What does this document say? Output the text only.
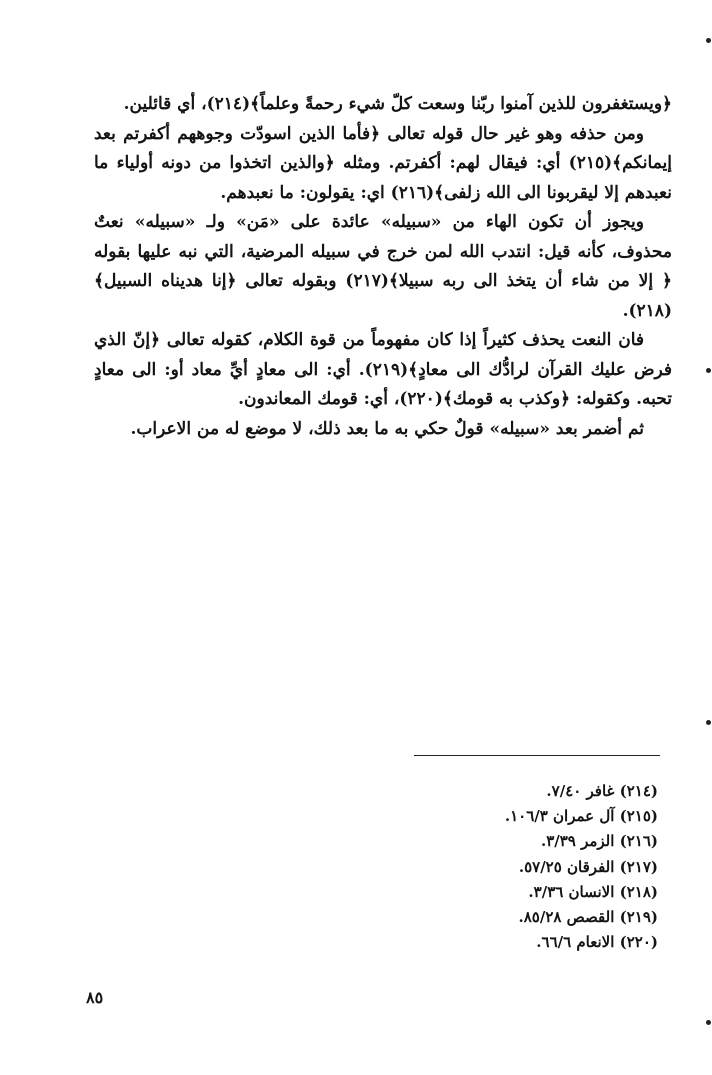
﴿ويستغفرون للذين آمنوا ربّنا وسعت كلّ شيء رحمةً وعلماً﴾(٢١٤)، أي قائلين.

ومن حذفه وهو غير حال قوله تعالى ﴿فأما الذين اسودّت وجوههم أكفرتم بعد إيمانكم﴾(٢١٥) أي: فيقال لهم: أكفرتم. ومثله ﴿والذين اتخذوا من دونه أولياء ما نعبدهم إلا ليقربونا الى الله زلفى﴾(٢١٦) اي: يقولون: ما نعبدهم.

ويجوز أن تكون الهاء من «سبيله» عائدة على «مَن» ولـ «سبيله» نعتٌ محذوف، كأنه قيل: انتدب الله لمن خرج في سبيله المرضية، التي نبه عليها بقوله ﴿ إلا من شاء أن يتخذ الى ربه سبيلا﴾(٢١٧) وبقوله تعالى ﴿إنا هديناه السبيل﴾(٢١٨).

فان النعت يحذف كثيراً إذا كان مفهوماً من قوة الكلام، كقوله تعالى ﴿إنّ الذي فرض عليك القرآن لرادُّك الى معادٍ﴾(٢١٩). أي: الى معادٍ أيِّ معاد أو: الى معادٍ تحبه. وكقوله: ﴿وكذب به قومك﴾(٢٢٠)، أي: قومك المعاندون.

ثم أضمر بعد «سبيله» قولٌ حكي به ما بعد ذلك، لا موضع له من الاعراب.

(٢١٤) غافر ٧/٤٠.
(٢١٥) آل عمران ١٠٦/٣.
(٢١٦) الزمر ٣/٣٩.
(٢١٧) الفرقان ٥٧/٢٥.
(٢١٨) الانسان ٣/٣٦.
(٢١٩) القصص ٨٥/٢٨.
(٢٢٠) الانعام ٦٦/٦.
٨٥
